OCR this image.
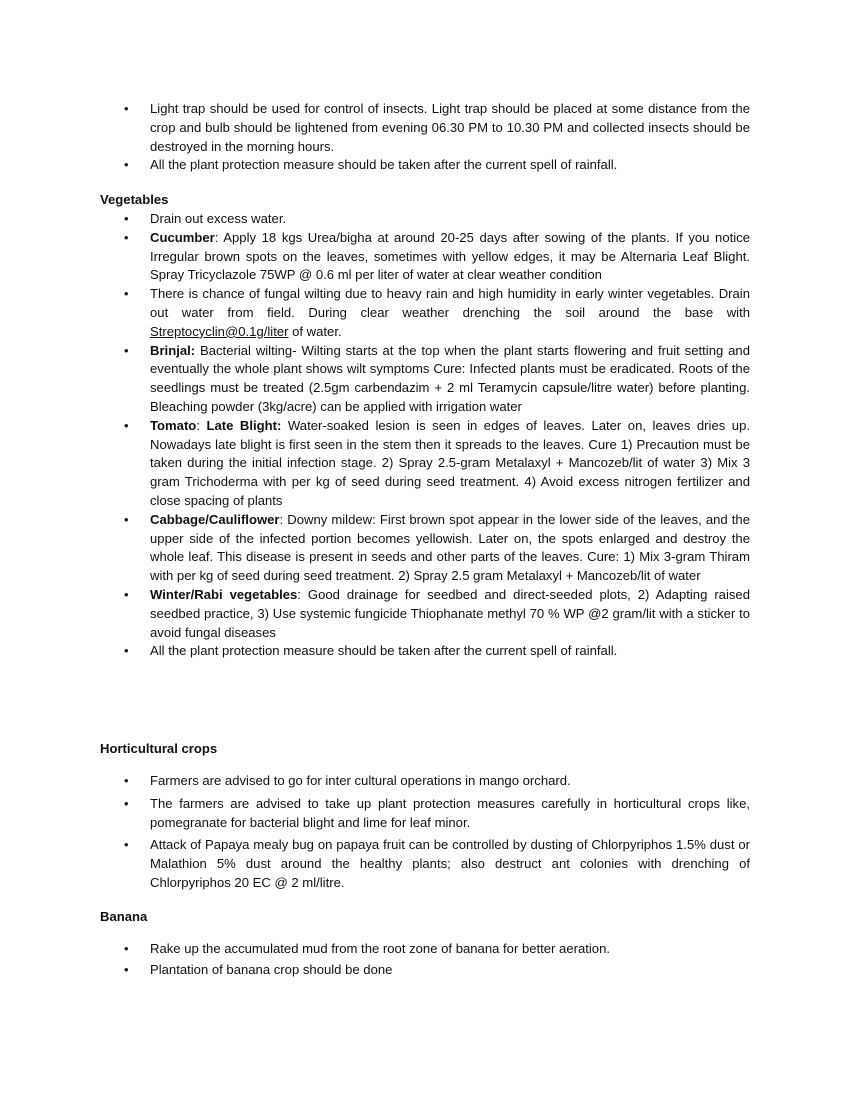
• Light trap should be used for control of insects. Light trap should be placed at some distance from the crop and bulb should be lightened from evening 06.30 PM to 10.30 PM and collected insects should be destroyed in the morning hours.
• All the plant protection measure should be taken after the current spell of rainfall.
Vegetables
• Drain out excess water.
• Cucumber: Apply 18 kgs Urea/bigha at around 20-25 days after sowing of the plants. If you notice Irregular brown spots on the leaves, sometimes with yellow edges, it may be Alternaria Leaf Blight. Spray Tricyclazole 75WP @ 0.6 ml per liter of water at clear weather condition
• There is chance of fungal wilting due to heavy rain and high humidity in early winter vegetables. Drain out water from field. During clear weather drenching the soil around the base with Streptocyclin@0.1g/liter of water.
• Brinjal: Bacterial wilting- Wilting starts at the top when the plant starts flowering and fruit setting and eventually the whole plant shows wilt symptoms Cure: Infected plants must be eradicated. Roots of the seedlings must be treated (2.5gm carbendazim + 2 ml Teramycin capsule/litre water) before planting. Bleaching powder (3kg/acre) can be applied with irrigation water
• Tomato: Late Blight: Water-soaked lesion is seen in edges of leaves. Later on, leaves dries up. Nowadays late blight is first seen in the stem then it spreads to the leaves. Cure 1) Precaution must be taken during the initial infection stage. 2) Spray 2.5-gram Metalaxyl + Mancozeb/lit of water 3) Mix 3 gram Trichoderma with per kg of seed during seed treatment. 4) Avoid excess nitrogen fertilizer and close spacing of plants
• Cabbage/Cauliflower: Downy mildew: First brown spot appear in the lower side of the leaves, and the upper side of the infected portion becomes yellowish. Later on, the spots enlarged and destroy the whole leaf. This disease is present in seeds and other parts of the leaves. Cure: 1) Mix 3-gram Thiram with per kg of seed during seed treatment. 2) Spray 2.5 gram Metalaxyl + Mancozeb/lit of water
• Winter/Rabi vegetables: Good drainage for seedbed and direct-seeded plots, 2) Adapting raised seedbed practice, 3) Use systemic fungicide Thiophanate methyl 70 % WP @2 gram/lit with a sticker to avoid fungal diseases
• All the plant protection measure should be taken after the current spell of rainfall.
Horticultural crops
• Farmers are advised to go for inter cultural operations in mango orchard.
• The farmers are advised to take up plant protection measures carefully in horticultural crops like, pomegranate for bacterial blight and lime for leaf minor.
• Attack of Papaya mealy bug on papaya fruit can be controlled by dusting of Chlorpyriphos 1.5% dust or Malathion 5% dust around the healthy plants; also destruct ant colonies with drenching of Chlorpyriphos 20 EC @ 2 ml/litre.
Banana
• Rake up the accumulated mud from the root zone of banana for better aeration.
• Plantation of banana crop should be done
